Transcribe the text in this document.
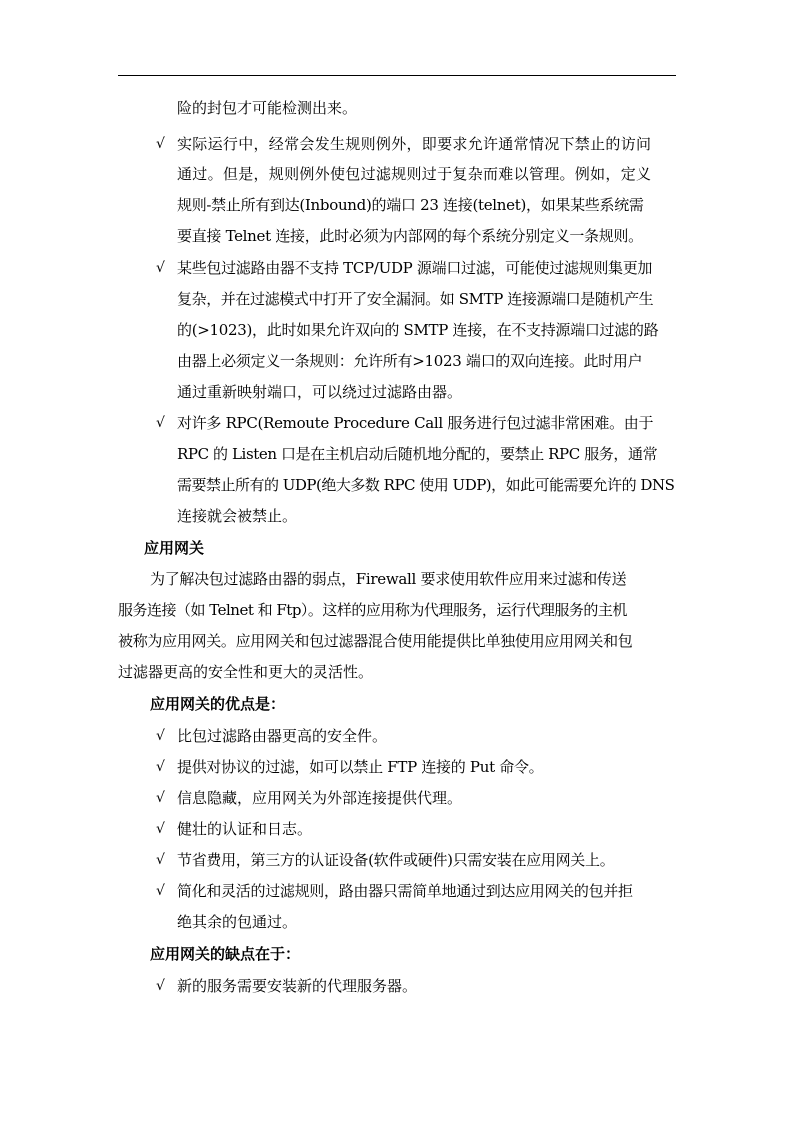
险的封包才可能检测出来。
√ 实际运行中，经常会发生规则例外，即要求允许通常情况下禁止的访问
通过。但是，规则例外使包过滤规则过于复杂而难以管理。例如，定义
规则-禁止所有到达(Inbound)的端口 23 连接(telnet)，如果某些系统需
要直接 Telnet 连接，此时必须为内部网的每个系统分别定义一条规则。
√ 某些包过滤路由器不支持 TCP/UDP 源端口过滤，可能使过滤规则集更加
复杂，并在过滤模式中打开了安全漏洞。如 SMTP 连接源端口是随机产生
的(>1023)，此时如果允许双向的 SMTP 连接，在不支持源端口过滤的路
由器上必须定义一条规则：允许所有>1023 端口的双向连接。此时用户
通过重新映射端口，可以绕过过滤路由器。
√ 对许多 RPC(Remoute Procedure Call 服务进行包过滤非常困难。由于
RPC 的 Listen 口是在主机启动后随机地分配的，要禁止 RPC 服务，通常
需要禁止所有的 UDP(绝大多数 RPC 使用 UDP)，如此可能需要允许的 DNS
连接就会被禁止。
应用网关
为了解决包过滤路由器的弱点，Firewall 要求使用软件应用来过滤和传送
服务连接（如 Telnet 和 Ftp）。这样的应用称为代理服务，运行代理服务的主机
被称为应用网关。应用网关和包过滤器混合使用能提供比单独使用应用网关和包
过滤器更高的安全性和更大的灵活性。
应用网关的优点是：
√ 比包过滤路由器更高的安全件。
√ 提供对协议的过滤，如可以禁止 FTP 连接的 Put 命令。
√ 信息隐藏，应用网关为外部连接提供代理。
√ 健壮的认证和日志。
√ 节省费用，第三方的认证设备(软件或硬件)只需安装在应用网关上。
√ 简化和灵活的过滤规则，路由器只需简单地通过到达应用网关的包并拒
绝其余的包通过。
应用网关的缺点在于：
√ 新的服务需要安装新的代理服务器。
